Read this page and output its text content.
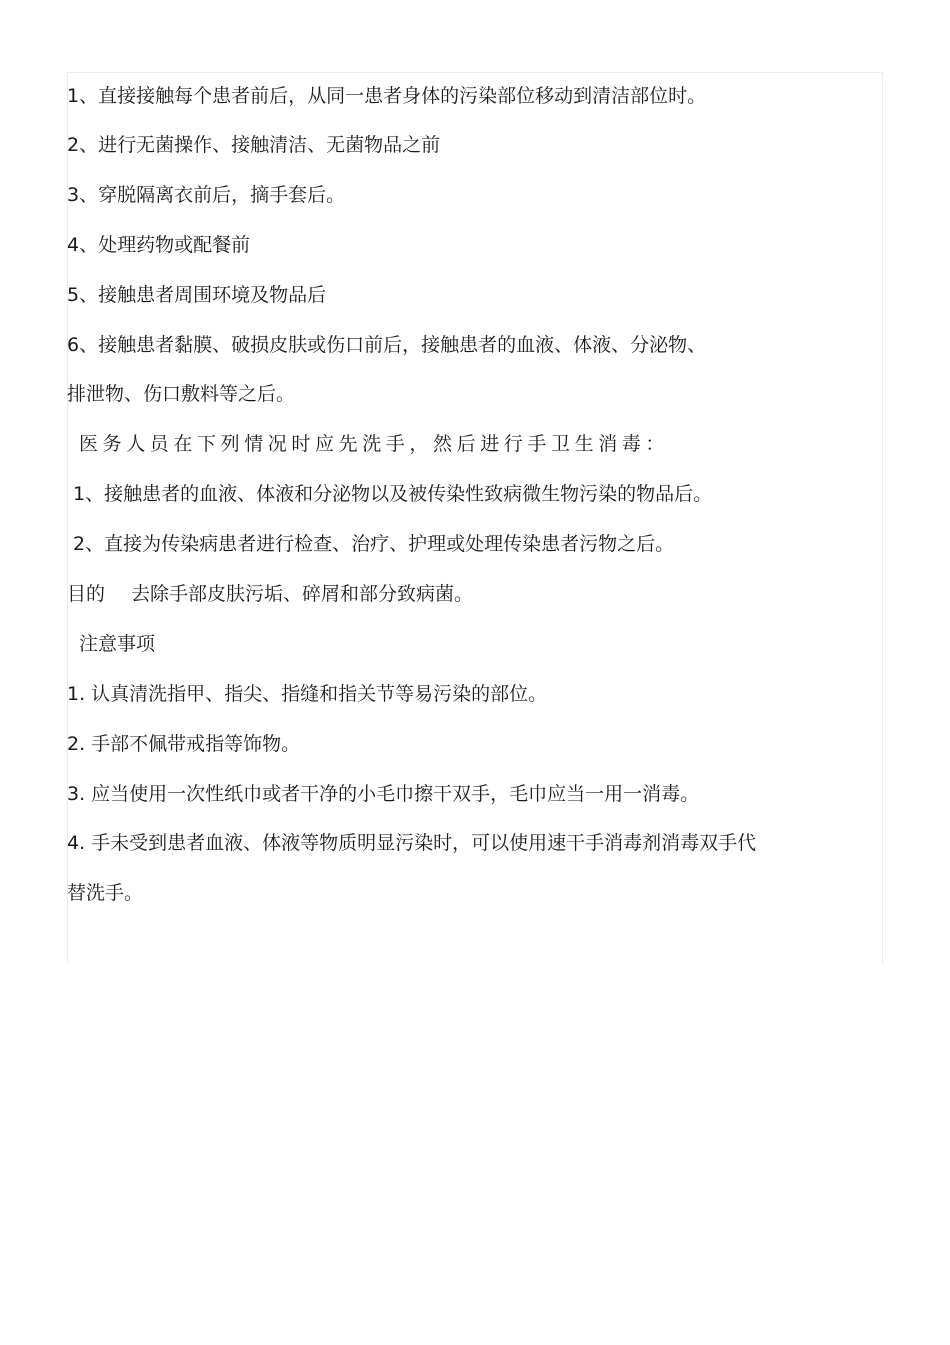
1、直接接触每个患者前后，从同一患者身体的污染部位移动到清洁部位时。

2、进行无菌操作、接触清洁、无菌物品之前

3、穿脱隔离衣前后，摘手套后。

4、处理药物或配餐前

5、接触患者周围环境及物品后

6、接触患者黏膜、破损皮肤或伤口前后，接触患者的血液、体液、分泌物、

排泄物、伤口敷料等之后。

医务人员在下列情况时应先洗手，然后进行手卫生消毒：

1、接触患者的血液、体液和分泌物以及被传染性致病微生物污染的物品后。

2、直接为传染病患者进行检查、治疗、护理或处理传染患者污物之后。

目的 去除手部皮肤污垢、碎屑和部分致病菌。

注意事项

1. 认真清洗指甲、指尖、指缝和指关节等易污染的部位。

2. 手部不佩带戒指等饰物。

3. 应当使用一次性纸巾或者干净的小毛巾擦干双手，毛巾应当一用一消毒。

4. 手未受到患者血液、体液等物质明显污染时，可以使用速干手消毒剂消毒双手代

替洗手。
